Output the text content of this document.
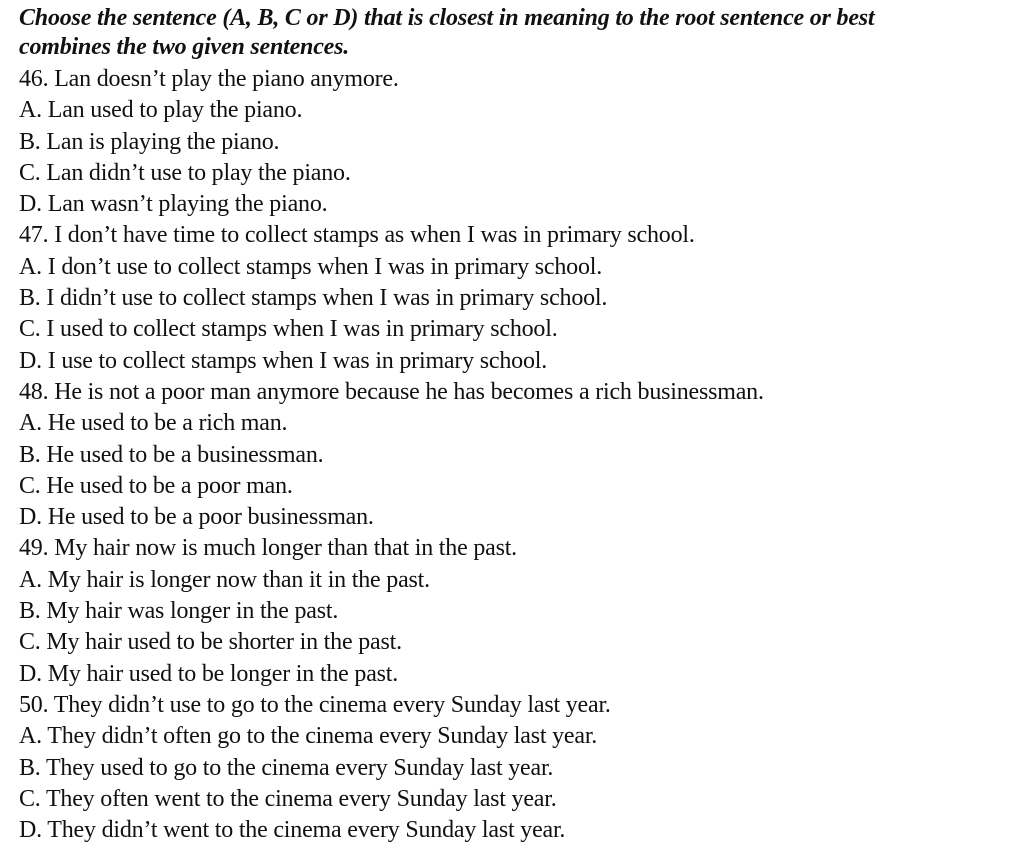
Choose the sentence (A, B, C or D) that is closest in meaning to the root sentence or best
combines the two given sentences.
46. Lan doesn’t play the piano anymore.
A. Lan used to play the piano.
B. Lan is playing the piano.
C. Lan didn’t use to play the piano.
D. Lan wasn’t playing the piano.
47. I don’t have time to collect stamps as when I was in primary school.
A. I don’t use to collect stamps when I was in primary school.
B. I didn’t use to collect stamps when I was in primary school.
C. I used to collect stamps when I was in primary school.
D. I use to collect stamps when I was in primary school.
48. He is not a poor man anymore because he has becomes a rich businessman.
A. He used to be a rich man.
B. He used to be a businessman.
C. He used to be a poor man.
D. He used to be a poor businessman.
49. My hair now is much longer than that in the past.
A. My hair is longer now than it in the past.
B. My hair was longer in the past.
C. My hair used to be shorter in the past.
D. My hair used to be longer in the past.
50. They didn’t use to go to the cinema every Sunday last year.
A. They didn’t often go to the cinema every Sunday last year.
B. They used to go to the cinema every Sunday last year.
C. They often went to the cinema every Sunday last year.
D. They didn’t went to the cinema every Sunday last year.
